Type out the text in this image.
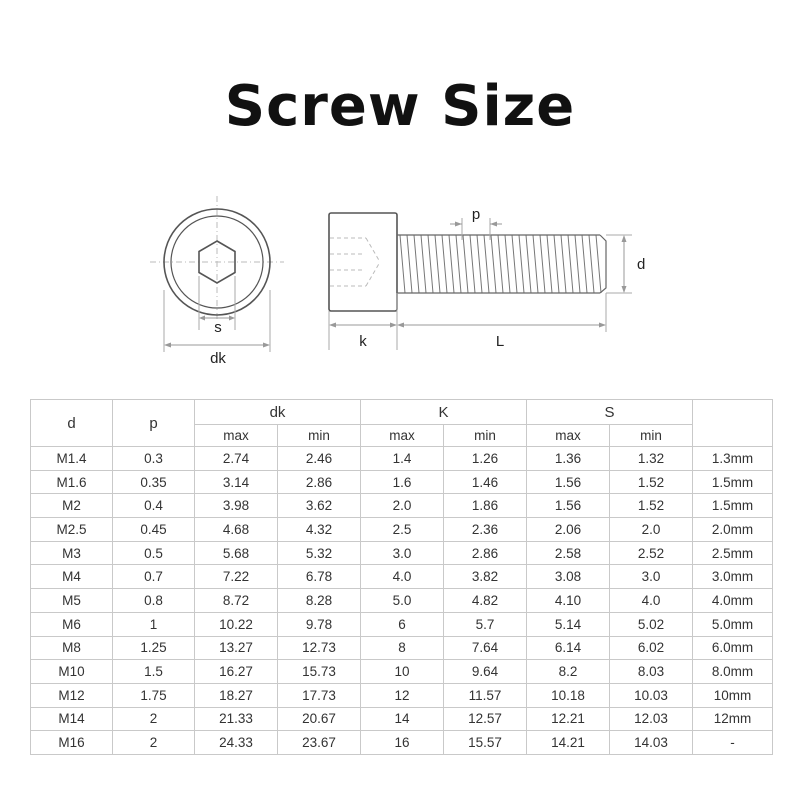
Screw Size
s
dk
k	L
p
d
d	p	dk		K		S		
		max	min	max	min	max	min	
M1.4	0.3	2.74	2.46	1.4	1.26	1.36	1.32	1.3mm
M1.6	0.35	3.14	2.86	1.6	1.46	1.56	1.52	1.5mm
M2	0.4	3.98	3.62	2.0	1.86	1.56	1.52	1.5mm
M2.5	0.45	4.68	4.32	2.5	2.36	2.06	2.0	2.0mm
M3	0.5	5.68	5.32	3.0	2.86	2.58	2.52	2.5mm
M4	0.7	7.22	6.78	4.0	3.82	3.08	3.0	3.0mm
M5	0.8	8.72	8.28	5.0	4.82	4.10	4.0	4.0mm
M6	1	10.22	9.78	6	5.7	5.14	5.02	5.0mm
M8	1.25	13.27	12.73	8	7.64	6.14	6.02	6.0mm
M10	1.5	16.27	15.73	10	9.64	8.2	8.03	8.0mm
M12	1.75	18.27	17.73	12	11.57	10.18	10.03	10mm
M14	2	21.33	20.67	14	12.57	12.21	12.03	12mm
M16	2	24.33	23.67	16	15.57	14.21	14.03	-
